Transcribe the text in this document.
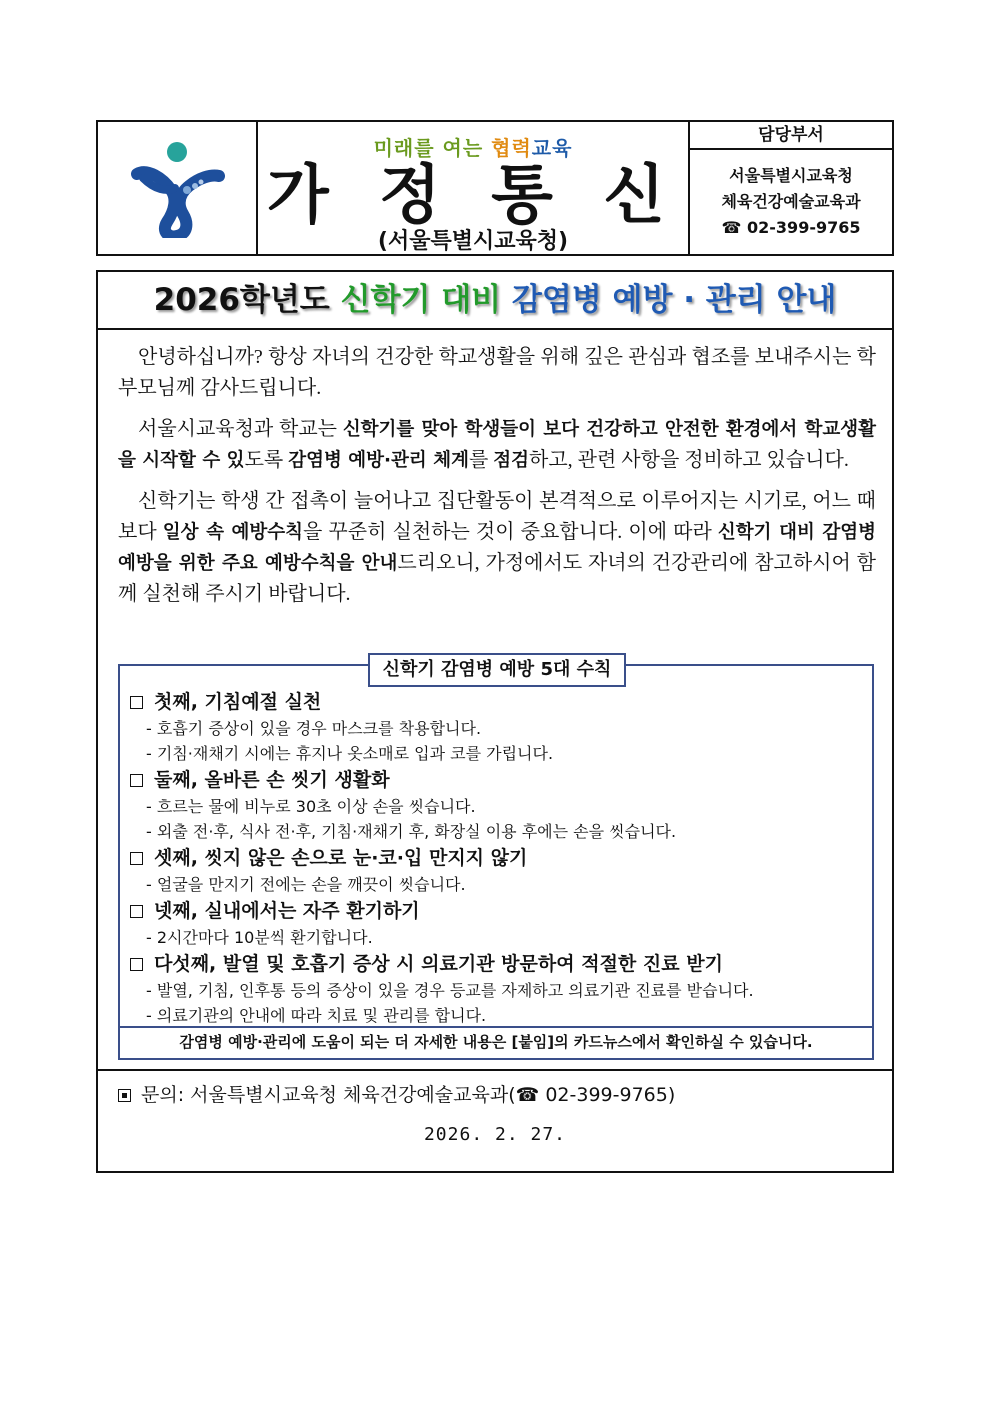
미래를 여는 협력교육
가 정 통 신
(서울특별시교육청)
담당부서
서울특별시교육청
체육건강예술교육과
☎ 02-399-9765
2026학년도 신학기 대비 감염병 예방 · 관리 안내

안녕하십니까? 항상 자녀의 건강한 학교생활을 위해 깊은 관심과 협조를 보내주시는 학부모님께 감사드립니다.

서울시교육청과 학교는 신학기를 맞아 학생들이 보다 건강하고 안전한 환경에서 학교생활을 시작할 수 있도록 감염병 예방·관리 체계를 점검하고, 관련 사항을 정비하고 있습니다.

신학기는 학생 간 접촉이 늘어나고 집단활동이 본격적으로 이루어지는 시기로, 어느 때보다 일상 속 예방수칙을 꾸준히 실천하는 것이 중요합니다. 이에 따라 신학기 대비 감염병 예방을 위한 주요 예방수칙을 안내드리오니, 가정에서도 자녀의 건강관리에 참고하시어 함께 실천해 주시기 바랍니다.

신학기 감염병 예방 5대 수칙
첫째, 기침예절 실천
- 호흡기 증상이 있을 경우 마스크를 착용합니다.
- 기침·재채기 시에는 휴지나 옷소매로 입과 코를 가립니다.
둘째, 올바른 손 씻기 생활화
- 흐르는 물에 비누로 30초 이상 손을 씻습니다.
- 외출 전·후, 식사 전·후, 기침·재채기 후, 화장실 이용 후에는 손을 씻습니다.
셋째, 씻지 않은 손으로 눈·코·입 만지지 않기
- 얼굴을 만지기 전에는 손을 깨끗이 씻습니다.
넷째, 실내에서는 자주 환기하기
- 2시간마다 10분씩 환기합니다.
다섯째, 발열 및 호흡기 증상 시 의료기관 방문하여 적절한 진료 받기
- 발열, 기침, 인후통 등의 증상이 있을 경우 등교를 자제하고 의료기관 진료를 받습니다.
- 의료기관의 안내에 따라 치료 및 관리를 합니다.
감염병 예방·관리에 도움이 되는 더 자세한 내용은 [붙임]의 카드뉴스에서 확인하실 수 있습니다.
문의: 서울특별시교육청 체육건강예술교육과(☎ 02-399-9765)
2026. 2. 27.
